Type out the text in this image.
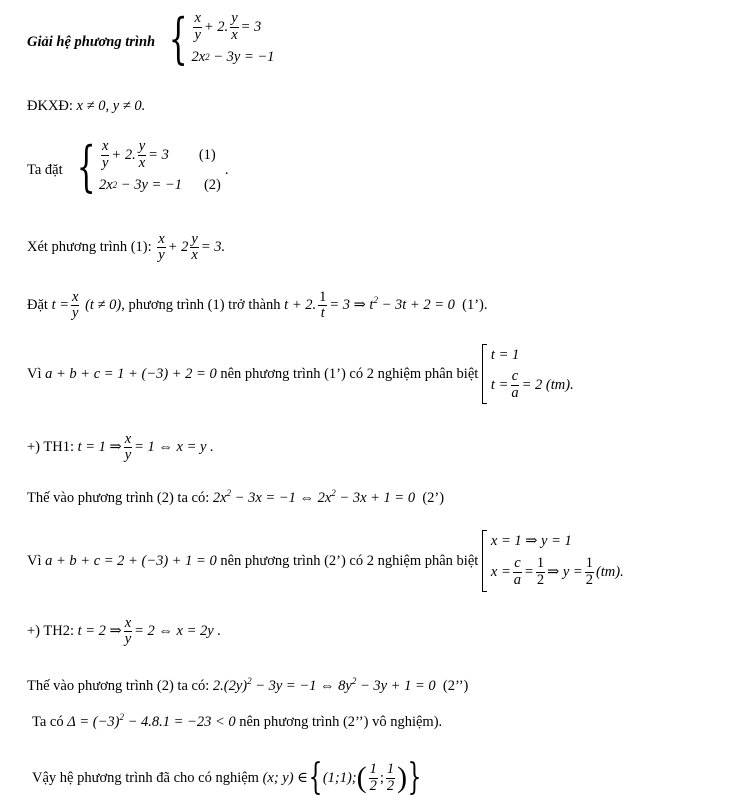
Giải hệ phương trình { $\frac{x}{y} + 2$. $\frac{y}{x} = 3$
2x 2 − 3y = −1
ĐKXĐ:
x ≠ 0, y ≠ 0.
Ta đặt { $\frac{x}{y} + 2$. $\frac{y}{x} = 3$ (1)
2x 2 − 3y = −1 (2)
.
Xét phương trình (1):
$\frac{x}{y} + 2 \frac{y}{x} = 3$.
Đặt
$t = \frac{x}{y}$
(t ≠ 0) , phương trình (1) trở thành
t + 2. $\frac{1}{t} = 3$ ⇒ $t^2 - 3t + 2 = 0$
(1’).
Vì
a + b + c = 1 + (−3) + 2 = 0
nên phương trình (1’) có 2 nghiệm phân biệt

t = 1
$t = \frac{c}{a} = 2$ (tm).
+) TH1:
t = 1 ⇒ $\frac{x}{y} = 1$ ⇔ x = y .
Thế vào phương trình (2) ta có:
$2x^2 - 3x = -1$ ⇔ $2x^2 - 3x + 1 = 0$
(2’)
Vì
a + b + c = 2 + (−3) + 1 = 0
nên phương trình (2’) có 2 nghiệm phân biệt

x = 1 ⇒ y = 1
$x = \frac{c}{a} = \frac{1}{2}$ ⇒ $y = \frac{1}{2} (tm)$.
+) TH2:
t = 2 ⇒ $\frac{x}{y} = 2$ ⇔ x = 2y .
Thế vào phương trình (2) ta có:
$2.(2y)^2 - 3y = -1$ ⇔ $8y^2 - 3y + 1 = 0$
(2’’)
Ta có
$\Delta = (-3)^2 - 4.8.1 = -23 < 0$
nên phương trình (2’’) vô nghiệm).
Vậy hệ phương trình đã cho có nghiệm
(x; y) ∈ { (1;1); ( $\frac{1}{2}$ ; $\frac{1}{2}$ ) }
